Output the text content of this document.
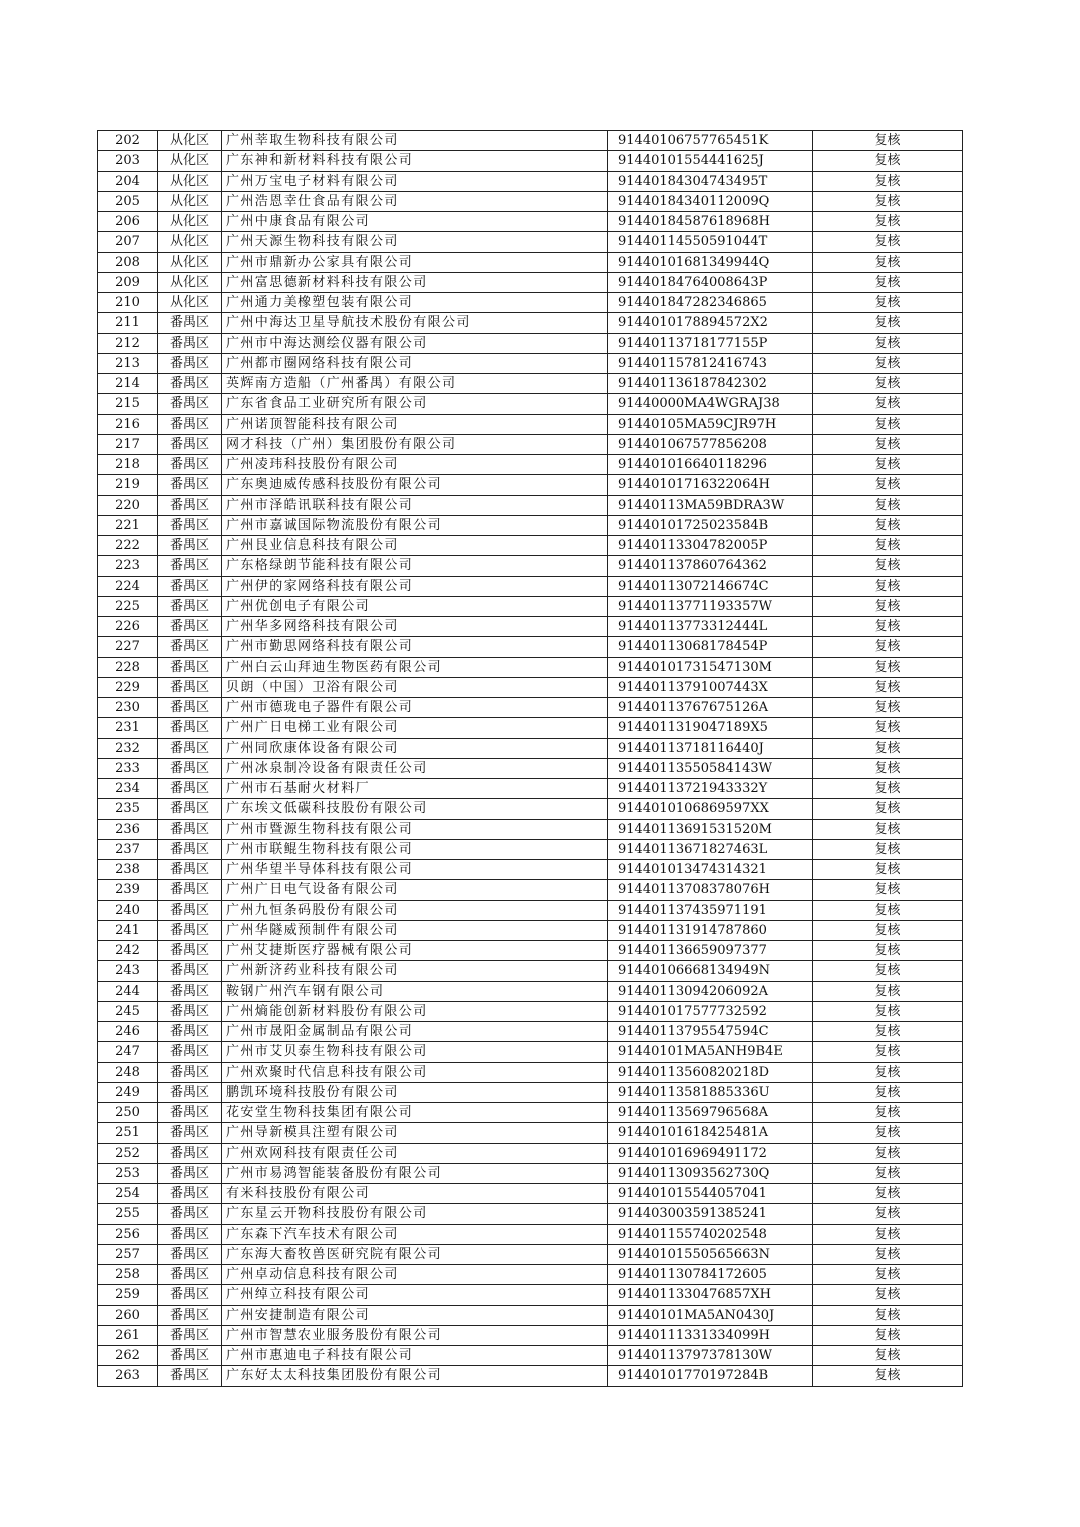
202	从化区	广州莘取生物科技有限公司	91440106757765451K	复核
203	从化区	广东神和新材料科技有限公司	91440101554441625J	复核
204	从化区	广州万宝电子材料有限公司	91440184304743495T	复核
205	从化区	广州浩恩幸仕食品有限公司	91440184340112009Q	复核
206	从化区	广州中康食品有限公司	91440184587618968H	复核
207	从化区	广州天源生物科技有限公司	91440114550591044T	复核
208	从化区	广州市鼎新办公家具有限公司	91440101681349944Q	复核
209	从化区	广州富思德新材料科技有限公司	91440184764008643P	复核
210	从化区	广州通力美橡塑包装有限公司	914401847282346865	复核
211	番禺区	广州中海达卫星导航技术股份有限公司	9144010178894572X2	复核
212	番禺区	广州市中海达测绘仪器有限公司	91440113718177155P	复核
213	番禺区	广州都市圈网络科技有限公司	914401157812416743	复核
214	番禺区	英辉南方造船（广州番禺）有限公司	914401136187842302	复核
215	番禺区	广东省食品工业研究所有限公司	91440000MA4WGRAJ38	复核
216	番禺区	广州诺顶智能科技有限公司	91440105MA59CJR97H	复核
217	番禺区	网才科技（广州）集团股份有限公司	914401067577856208	复核
218	番禺区	广州凌玮科技股份有限公司	914401016640118296	复核
219	番禺区	广东奥迪威传感科技股份有限公司	91440101716322064H	复核
220	番禺区	广州市泽皓讯联科技有限公司	91440113MA59BDRA3W	复核
221	番禺区	广州市嘉诚国际物流股份有限公司	91440101725023584B	复核
222	番禺区	广州艮业信息科技有限公司	91440113304782005P	复核
223	番禺区	广东格绿朗节能科技有限公司	914401137860764362	复核
224	番禺区	广州伊的家网络科技有限公司	91440113072146674C	复核
225	番禺区	广州优创电子有限公司	91440113771193357W	复核
226	番禺区	广州华多网络科技有限公司	91440113773312444L	复核
227	番禺区	广州市勤思网络科技有限公司	91440113068178454P	复核
228	番禺区	广州白云山拜迪生物医药有限公司	91440101731547130M	复核
229	番禺区	贝朗（中国）卫浴有限公司	91440113791007443X	复核
230	番禺区	广州市德珑电子器件有限公司	91440113767675126A	复核
231	番禺区	广州广日电梯工业有限公司	9144011319047189X5	复核
232	番禺区	广州同欣康体设备有限公司	91440113718116440J	复核
233	番禺区	广州冰泉制冷设备有限责任公司	91440113550584143W	复核
234	番禺区	广州市石基耐火材料厂	91440113721943332Y	复核
235	番禺区	广东埃文低碳科技股份有限公司	9144010106869597XX	复核
236	番禺区	广州市暨源生物科技有限公司	91440113691531520M	复核
237	番禺区	广州市联鲲生物科技有限公司	91440113671827463L	复核
238	番禺区	广州华望半导体科技有限公司	914401013474314321	复核
239	番禺区	广州广日电气设备有限公司	91440113708378076H	复核
240	番禺区	广州九恒条码股份有限公司	914401137435971191	复核
241	番禺区	广州华隧威预制件有限公司	914401131914787860	复核
242	番禺区	广州艾捷斯医疗器械有限公司	914401136659097377	复核
243	番禺区	广州新济药业科技有限公司	91440106668134949N	复核
244	番禺区	鞍钢广州汽车钢有限公司	91440113094206092A	复核
245	番禺区	广州熵能创新材料股份有限公司	914401017577732592	复核
246	番禺区	广州市晟阳金属制品有限公司	91440113795547594C	复核
247	番禺区	广州市艾贝泰生物科技有限公司	91440101MA5ANH9B4E	复核
248	番禺区	广州欢聚时代信息科技有限公司	91440113560820218D	复核
249	番禺区	鹏凯环境科技股份有限公司	91440113581885336U	复核
250	番禺区	花安堂生物科技集团有限公司	91440113569796568A	复核
251	番禺区	广州导新模具注塑有限公司	91440101618425481A	复核
252	番禺区	广州欢网科技有限责任公司	914401016969491172	复核
253	番禺区	广州市易鸿智能装备股份有限公司	91440113093562730Q	复核
254	番禺区	有米科技股份有限公司	914401015544057041	复核
255	番禺区	广东星云开物科技股份有限公司	914403003591385241	复核
256	番禺区	广东森下汽车技术有限公司	914401155740202548	复核
257	番禺区	广东海大畜牧兽医研究院有限公司	91440101550565663N	复核
258	番禺区	广州卓动信息科技有限公司	914401130784172605	复核
259	番禺区	广州绰立科技有限公司	9144011330476857XH	复核
260	番禺区	广州安捷制造有限公司	91440101MA5AN0430J	复核
261	番禺区	广州市智慧农业服务股份有限公司	91440111331334099H	复核
262	番禺区	广州市惠迪电子科技有限公司	91440113797378130W	复核
263	番禺区	广东好太太科技集团股份有限公司	91440101770197284B	复核
